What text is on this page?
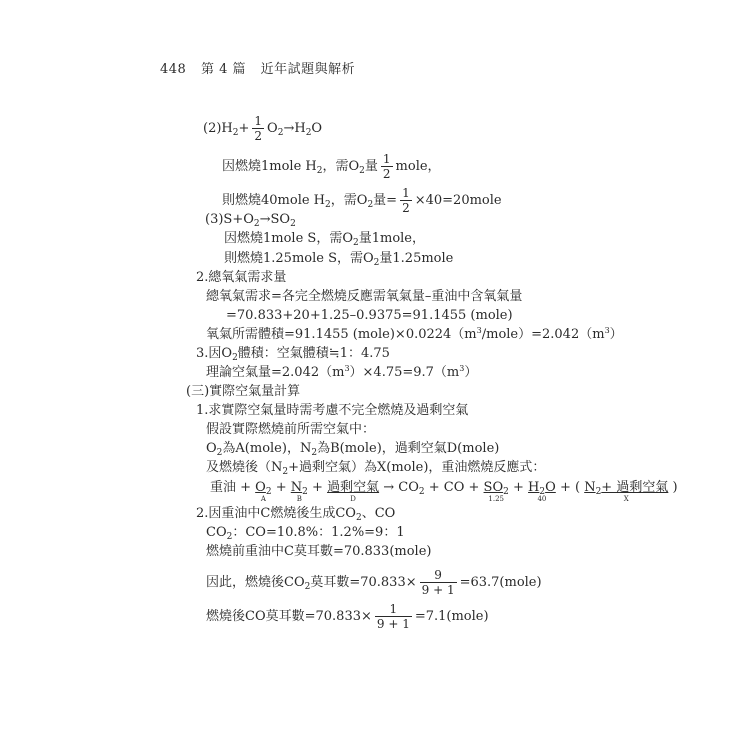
448 第 4 篇 近年試題與解析
$(2)H_2+ \frac{1}{2} O_2\to H_2O$
因燃燒1mole $H_2$，需$O_2$量 $\frac{1}{2}$ mole，
則燃燒40mole $H_2$，需$O_2$量= $\frac{1}{2}$ ×40=20mole
$(3)S+O_2\to SO_2$
因燃燒1mole S，需$O_2$量1mole，
則燃燒1.25mole S，需$O_2$量1.25mole
2.總氧氣需求量
總氧氣需求=各完全燃燒反應需氧氣量–重油中含氧氣量
=70.833+20+1.25–0.9375=91.1455 (mole)
氧氣所需體積=91.1455 $(mole)\times 0.0224(m^3/mole)=2.042(m^3)$
3.因$O_2$體積：空氣體積≒1：4.75
理論空氣量$=2.042(m^3)\times 4.75=9.7(m^3)$
(三)實際空氣量計算
1.求實際空氣量時需考慮不完全燃燒及過剩空氣
假設實際燃燒前所需空氣中：
$O_2$為A(mole)，$N_2$為B(mole)，過剩空氣D(mole)
及燃燒後（$N_2+$過剩空氣）為X(mole)，重油燃燒反應式：
重油 + $O_2$
A
+ $N_2$
B
+ 過剩空氣
D
→ $CO_2$ + CO + $SO_2$
1.25
+ $H_2O$
40
+ ( $N_2+$ 過剩空氣
X
)
2.因重油中C燃燒後生成$CO_2$、CO
$CO_2$：CO=10.8%：1.2%=9：1
燃燒前重油中C莫耳數=70.833(mole)
因此，燃燒後$CO_2$莫耳數$=70.833\times \frac{9}{9 + 1}$ =63.7(mole)
燃燒後CO莫耳數$=70.833\times \frac{1}{9 + 1}$ =7.1(mole)
